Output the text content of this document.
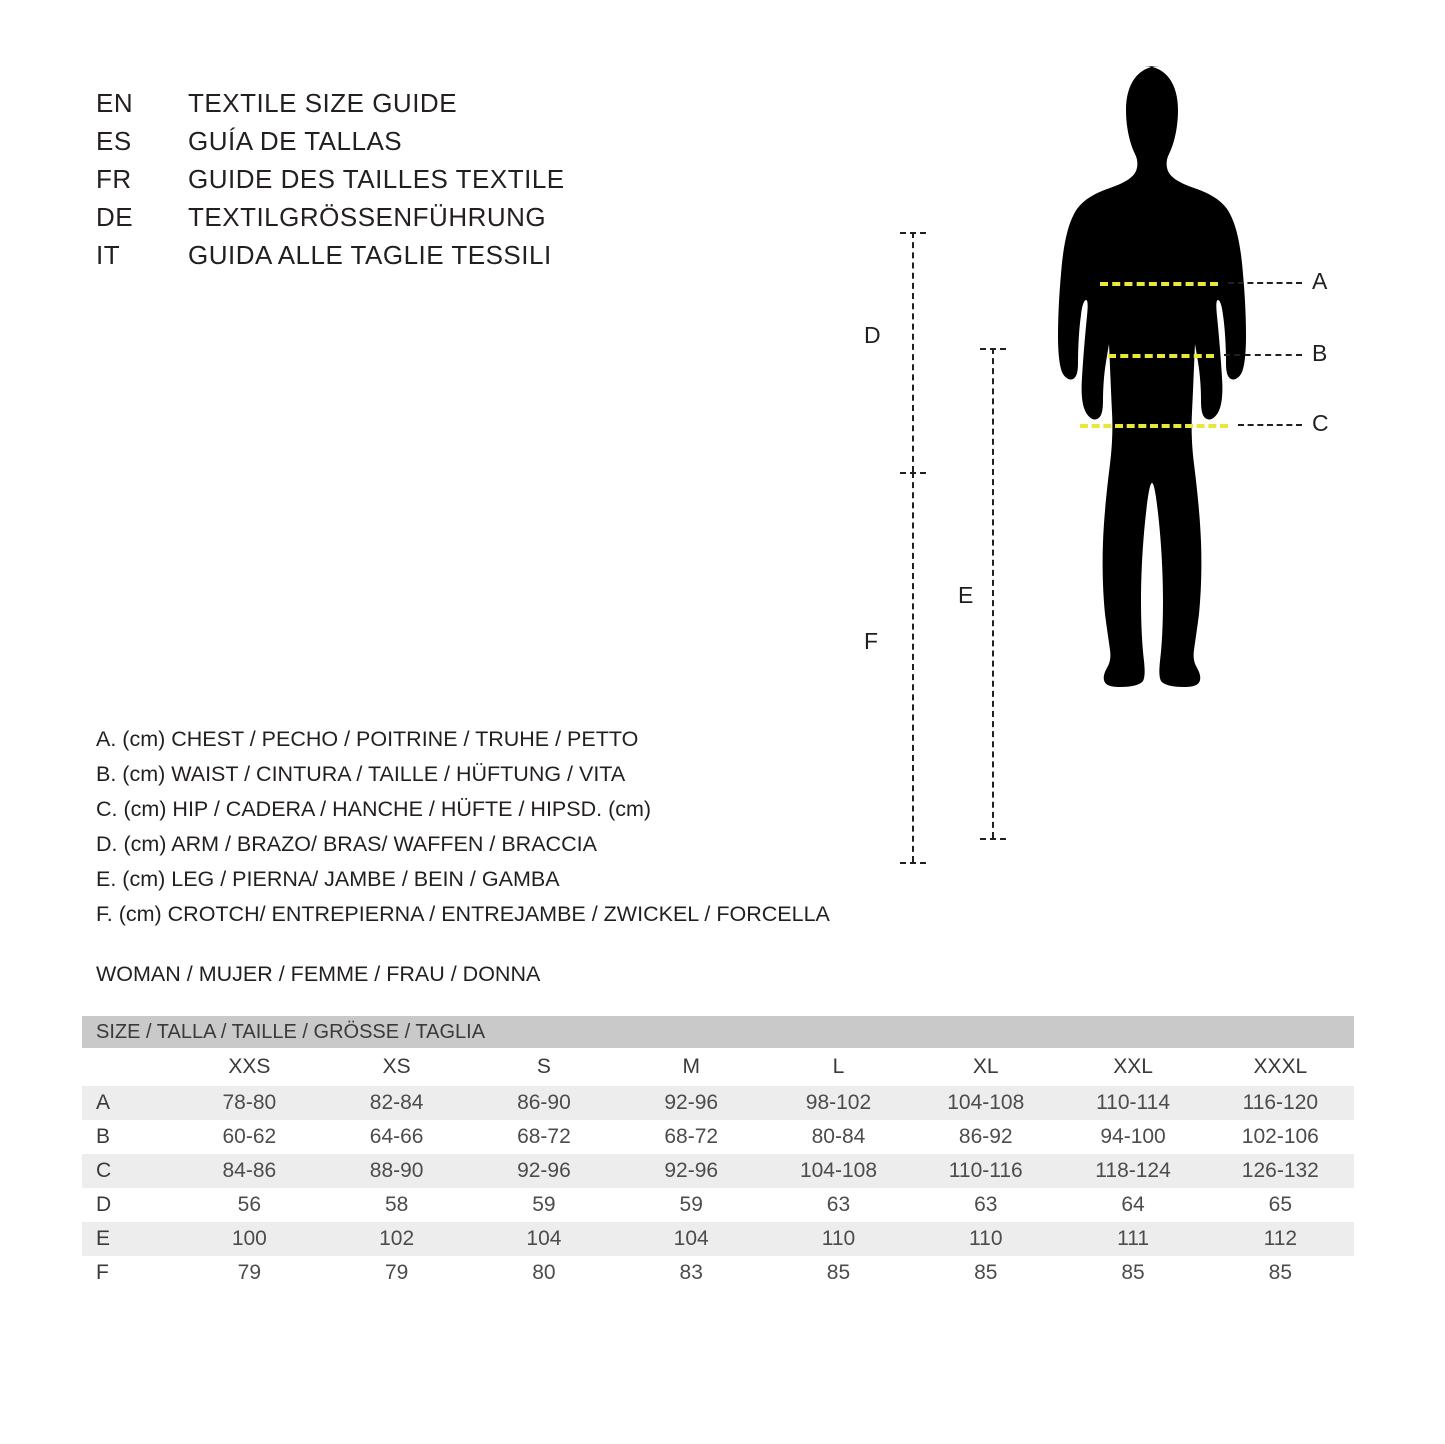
EN	TEXTILE SIZE GUIDE
ES	GUÍA DE TALLAS
FR	GUIDE DES TAILLES TEXTILE
DE	TEXTILGRÖSSENFÜHRUNG
IT	GUIDA ALLE TAGLIE TESSILI
D
F
E
A
B
C
A. (cm) CHEST / PECHO / POITRINE / TRUHE / PETTO
B. (cm) WAIST / CINTURA / TAILLE / HÜFTUNG / VITA
C. (cm) HIP / CADERA / HANCHE / HÜFTE / HIPSD. (cm)
D. (cm) ARM / BRAZO/ BRAS/ WAFFEN / BRACCIA
E. (cm) LEG / PIERNA/ JAMBE / BEIN / GAMBA
F. (cm) CROTCH/ ENTREPIERNA / ENTREJAMBE / ZWICKEL / FORCELLA
WOMAN / MUJER / FEMME / FRAU / DONNA
SIZE / TALLA / TAILLE / GRÖSSE / TAGLIA								
	XXS	XS	S	M	L	XL	XXL	XXXL
A	78-80	82-84	86-90	92-96	98-102	104-108	110-114	116-120
B	60-62	64-66	68-72	68-72	80-84	86-92	94-100	102-106
C	84-86	88-90	92-96	92-96	104-108	110-116	118-124	126-132
D	56	58	59	59	63	63	64	65
E	100	102	104	104	110	110	111	112
F	79	79	80	83	85	85	85	85
